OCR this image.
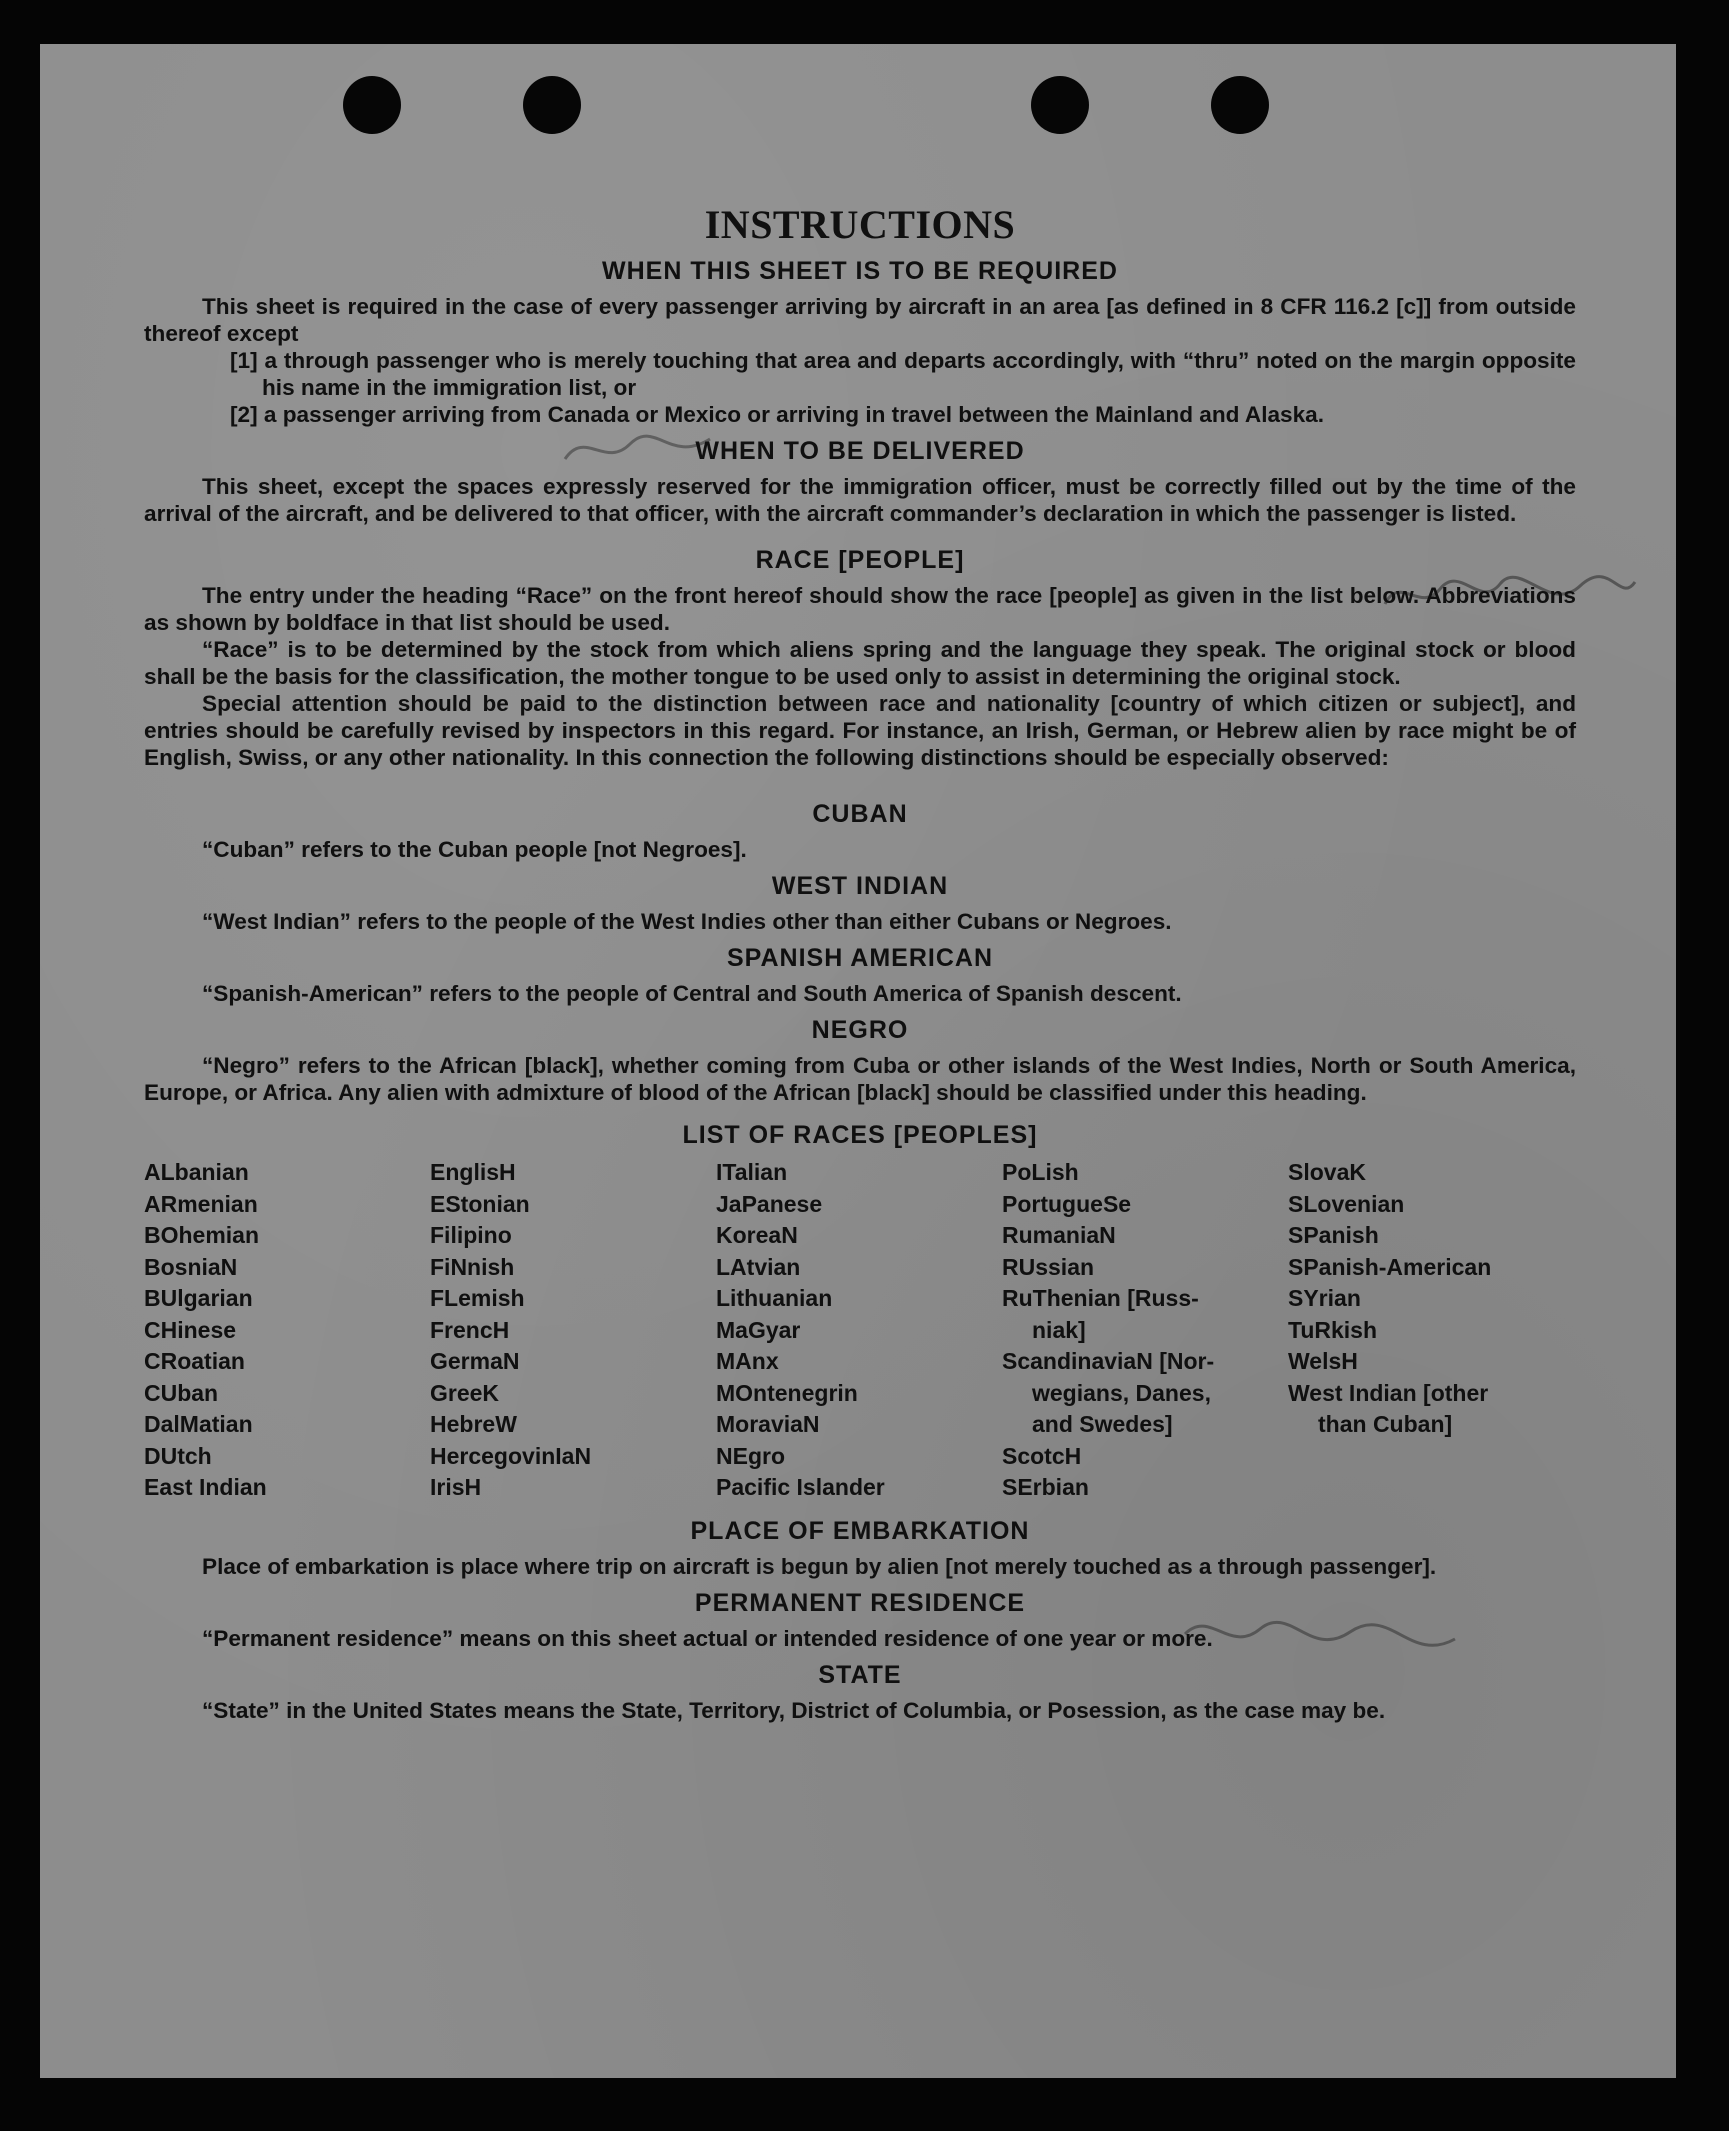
INSTRUCTIONS
WHEN THIS SHEET IS TO BE REQUIRED

This sheet is required in the case of every passenger arriving by aircraft in an area [as defined in 8 CFR 116.2 [c]] from outside thereof except

[1] a through passenger who is merely touching that area and departs accordingly, with “thru” noted on the margin opposite his name in the immigration list, or

[2] a passenger arriving from Canada or Mexico or arriving in travel between the Mainland and Alaska.

WHEN TO BE DELIVERED

This sheet, except the spaces expressly reserved for the immigration officer, must be correctly filled out by the time of the arrival of the aircraft, and be delivered to that officer, with the aircraft commander’s declaration in which the passenger is listed.

RACE [PEOPLE]

The entry under the heading “Race” on the front hereof should show the race [people] as given in the list below. Abbreviations as shown by boldface in that list should be used.

“Race” is to be determined by the stock from which aliens spring and the language they speak. The original stock or blood shall be the basis for the classification, the mother tongue to be used only to assist in determining the original stock.

Special attention should be paid to the distinction between race and nationality [country of which citizen or subject], and entries should be carefully revised by inspectors in this regard. For instance, an Irish, German, or Hebrew alien by race might be of English, Swiss, or any other nationality. In this connection the following distinctions should be especially observed:

CUBAN

“Cuban” refers to the Cuban people [not Negroes].

WEST INDIAN

“West Indian” refers to the people of the West Indies other than either Cubans or Negroes.

SPANISH AMERICAN

“Spanish-American” refers to the people of Central and South America of Spanish descent.

NEGRO

“Negro” refers to the African [black], whether coming from Cuba or other islands of the West Indies, North or South America, Europe, or Africa. Any alien with admixture of blood of the African [black] should be classified under this heading.

LIST OF RACES [PEOPLES]
ALbanian
ARmenian
BOhemian
BosniaN
BUlgarian
CHinese
CRoatian
CUban
DalMatian
DUtch
East Indian
EnglisH
EStonian
Filipino
FiNnish
FLemish
FrencH
GermaN
GreeK
HebreW
HercegovinIaN
IrisH
ITalian
JaPanese
KoreaN
LAtvian
Lithuanian
MaGyar
MAnx
MOntenegrin
MoraviaN
NEgro
Pacific Islander
PoLish
PortugueSe
RumaniaN
RUssian
RuThenian [Russ-
niak]
ScandinaviaN [Nor-
wegians, Danes,
and Swedes]
ScotcH
SErbian
SlovaK
SLovenian
SPanish
SPanish-American
SYrian
TuRkish
WelsH
West Indian [other
than Cuban]
PLACE OF EMBARKATION

Place of embarkation is place where trip on aircraft is begun by alien [not merely touched as a through passenger].

PERMANENT RESIDENCE

“Permanent residence” means on this sheet actual or intended residence of one year or more.

STATE

“State” in the United States means the State, Territory, District of Columbia, or Posession, as the case may be.
